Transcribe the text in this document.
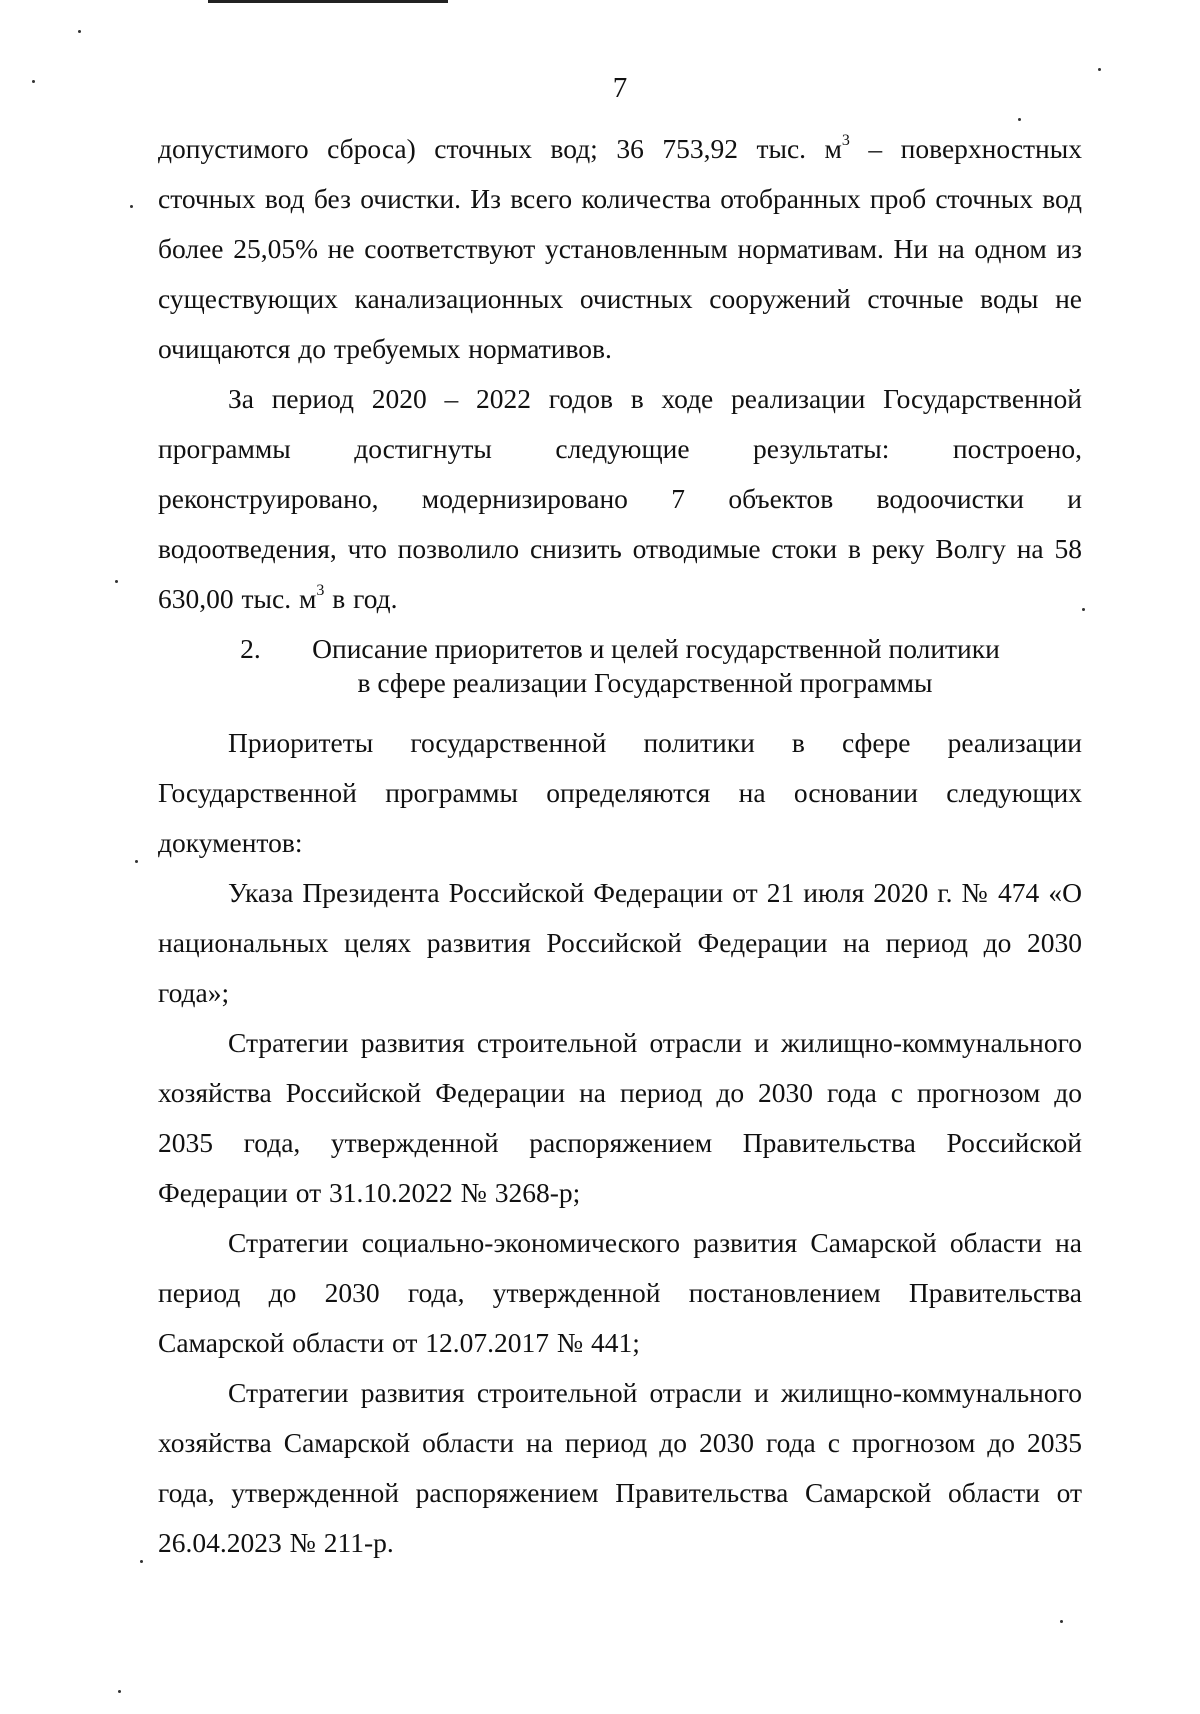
7

допустимого сброса) сточных вод; 36 753,92 тыс. $м^3$ – поверхностных сточных вод без очистки. Из всего количества отобранных проб сточных вод более 25,05% не соответствуют установленным нормативам. Ни на одном из существующих канализационных очистных сооружений сточные воды не очищаются до требуемых нормативов.

За период 2020 – 2022 годов в ходе реализации Государственной программы достигнуты следующие результаты: построено, реконструировано, модернизировано 7 объектов водоочистки и водоотведения, что позволило снизить отводимые стоки в реку Волгу на 58 630,00 тыс. $м^3$ в год.

2. Описание приоритетов и целей государственной политики
в сфере реализации Государственной программы

Приоритеты государственной политики в сфере реализации Государственной программы определяются на основании следующих документов:

Указа Президента Российской Федерации от 21 июля 2020 г. № 474 «О национальных целях развития Российской Федерации на период до 2030 года»;

Стратегии развития строительной отрасли и жилищно-коммунального хозяйства Российской Федерации на период до 2030 года с прогнозом до 2035 года, утвержденной распоряжением Правительства Российской Федерации от 31.10.2022 № 3268-р;

Стратегии социально-экономического развития Самарской области на период до 2030 года, утвержденной постановлением Правительства Самарской области от 12.07.2017 № 441;

Стратегии развития строительной отрасли и жилищно-коммунального хозяйства Самарской области на период до 2030 года с прогнозом до 2035 года, утвержденной распоряжением Правительства Самарской области от 26.04.2023 № 211-р.
